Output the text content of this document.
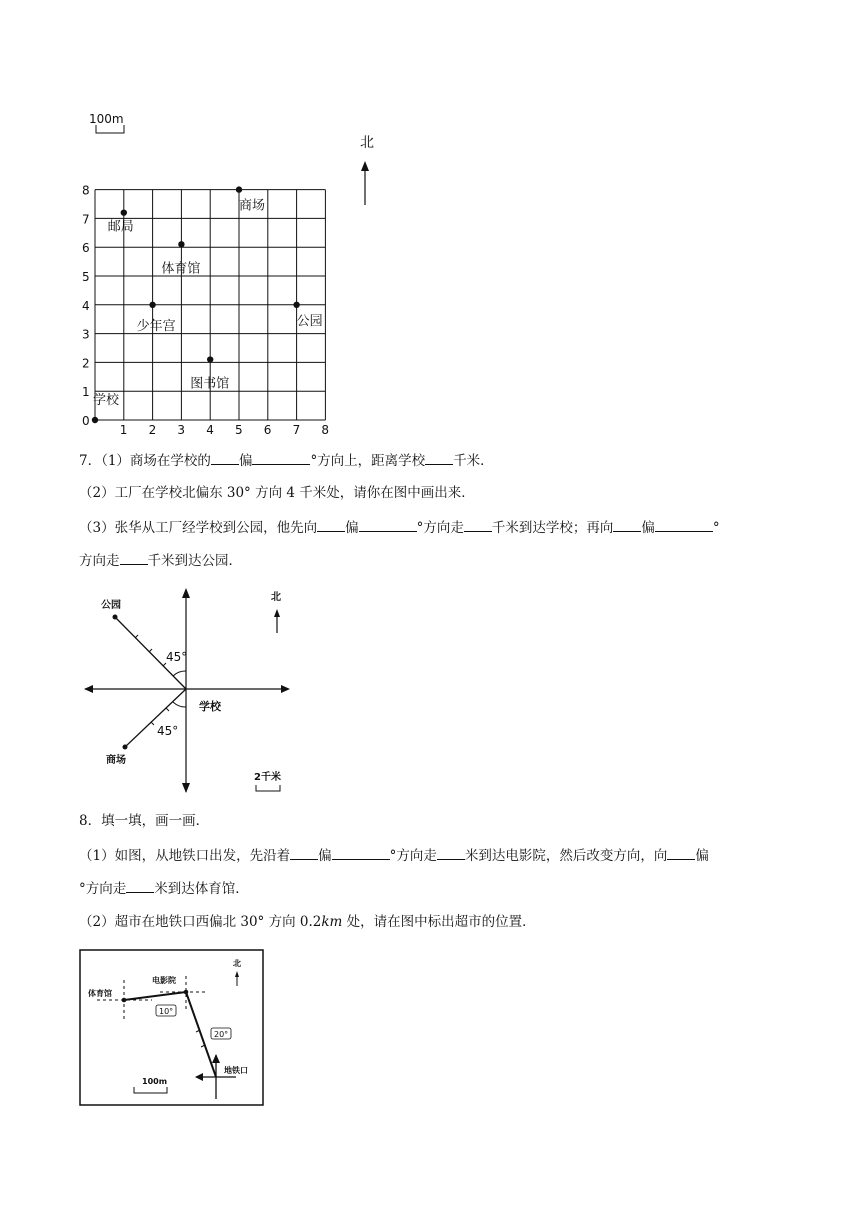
100m
0
1
2
3
4
5
6
7
8
1 2 3 4 5 6 7 8
学校
邮局
体育馆
少年宫
商场
公园
图书馆
北
7．（1）商场在学校的 偏	°方向上，距离学校 千米．
（2）工厂在学校北偏东 30° 方向 4 千米处，请你在图中画出来．
（3）张华从工厂经学校到公园，他先向 偏	°方向走 千米到达学校；再向 偏	°
方向走 千米到达公园．
公园
45°
学校
45°
商场
北
2千米
8．填一填，画一画．
（1）如图，从地铁口出发，先沿着 偏	°方向走 米到达电影院，然后改变方向，向 偏
°方向走 米到达体育馆．
（2）超市在地铁口西偏北 30° 方向 0.2km 处，请在图中标出超市的位置．
10°
20°
体育馆
电影院
地铁口
北
100m
